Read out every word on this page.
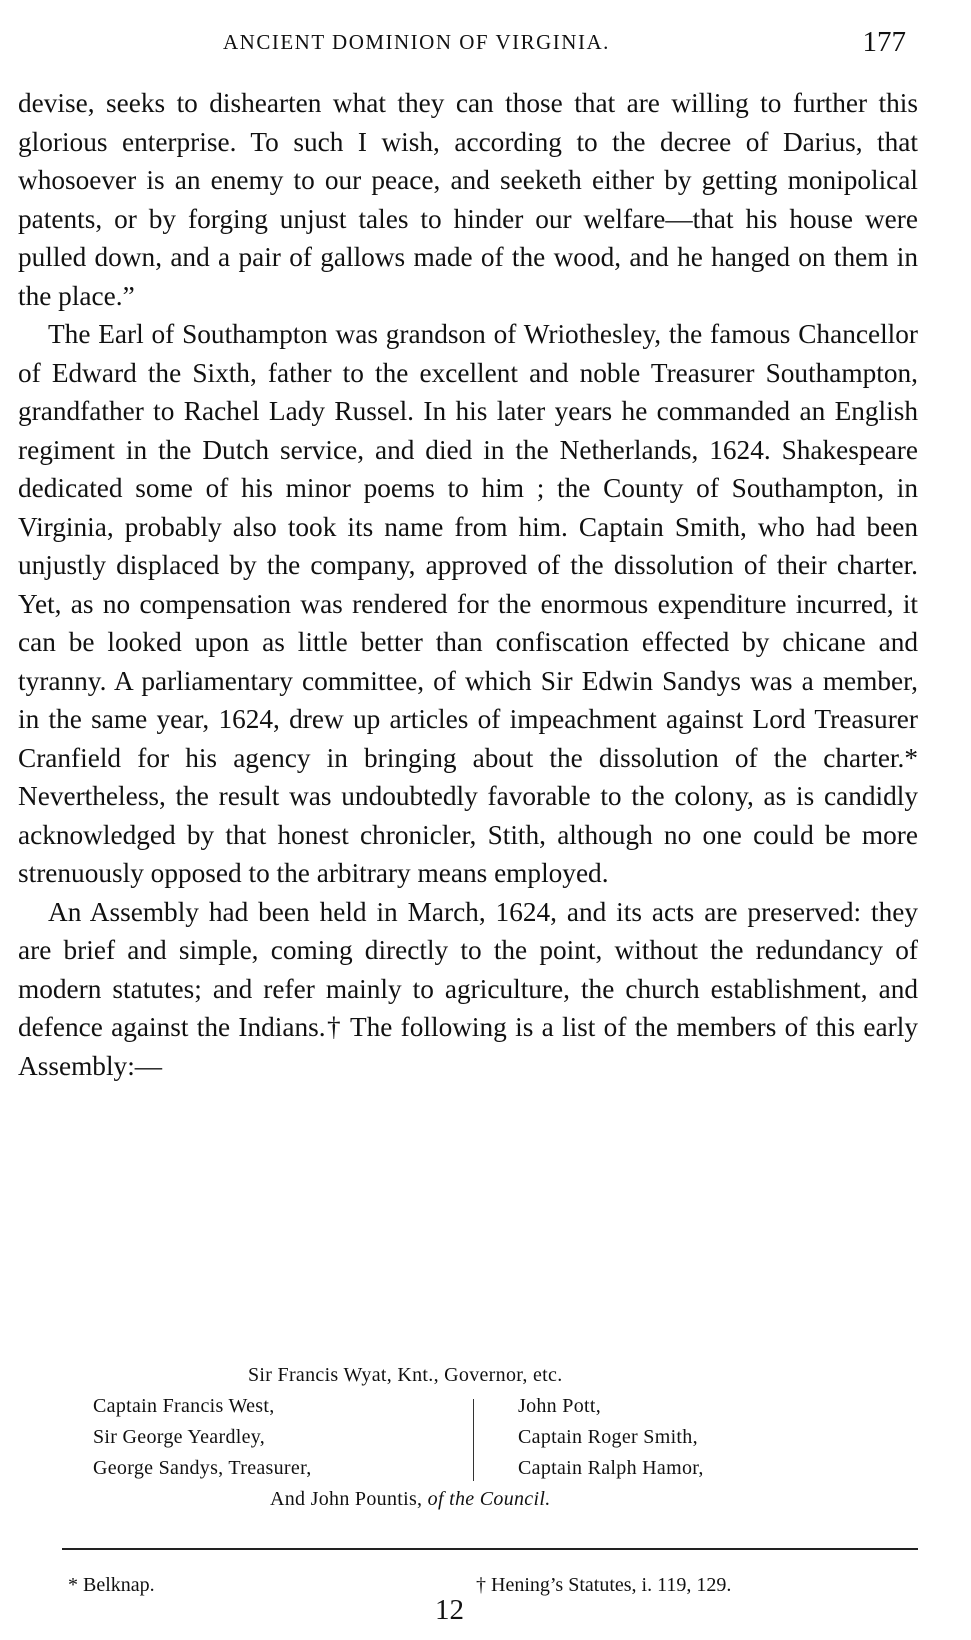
ANCIENT DOMINION OF VIRGINIA.	177

devise, seeks to dishearten what they can those that are willing to further this glorious enterprise. To such I wish, according to the decree of Darius, that whosoever is an enemy to our peace, and seeketh either by getting monipolical patents, or by forging unjust tales to hinder our welfare—that his house were pulled down, and a pair of gallows made of the wood, and he hanged on them in the place.”

The Earl of Southampton was grandson of Wriothesley, the famous Chancellor of Edward the Sixth, father to the excellent and noble Treasurer Southampton, grandfather to Rachel Lady Russel. In his later years he commanded an English regiment in the Dutch service, and died in the Netherlands, 1624. Shakespeare dedicated some of his minor poems to him ; the County of Southampton, in Virginia, probably also took its name from him. Captain Smith, who had been unjustly displaced by the company, approved of the dissolution of their charter. Yet, as no compensation was rendered for the enormous expenditure incurred, it can be looked upon as little better than confiscation effected by chicane and tyranny. A parliamentary committee, of which Sir Edwin Sandys was a member, in the same year, 1624, drew up articles of impeachment against Lord Treasurer Cranfield for his agency in bringing about the dissolution of the charter.* Nevertheless, the result was undoubtedly favorable to the colony, as is candidly acknowledged by that honest chronicler, Stith, although no one could be more strenuously opposed to the arbitrary means employed.

An Assembly had been held in March, 1624, and its acts are preserved: they are brief and simple, coming directly to the point, without the redundancy of modern statutes; and refer mainly to agriculture, the church establishment, and defence against the Indians.† The following is a list of the members of this early Assembly:—

Sir Francis Wyat, Knt., Governor, etc.
Captain Francis West,
Sir George Yeardley,
George Sandys, Treasurer,
John Pott,
Captain Roger Smith,
Captain Ralph Hamor,
And John Pountis, of the Council.
* Belknap.	† Hening’s Statutes, i. 119, 129.
12
